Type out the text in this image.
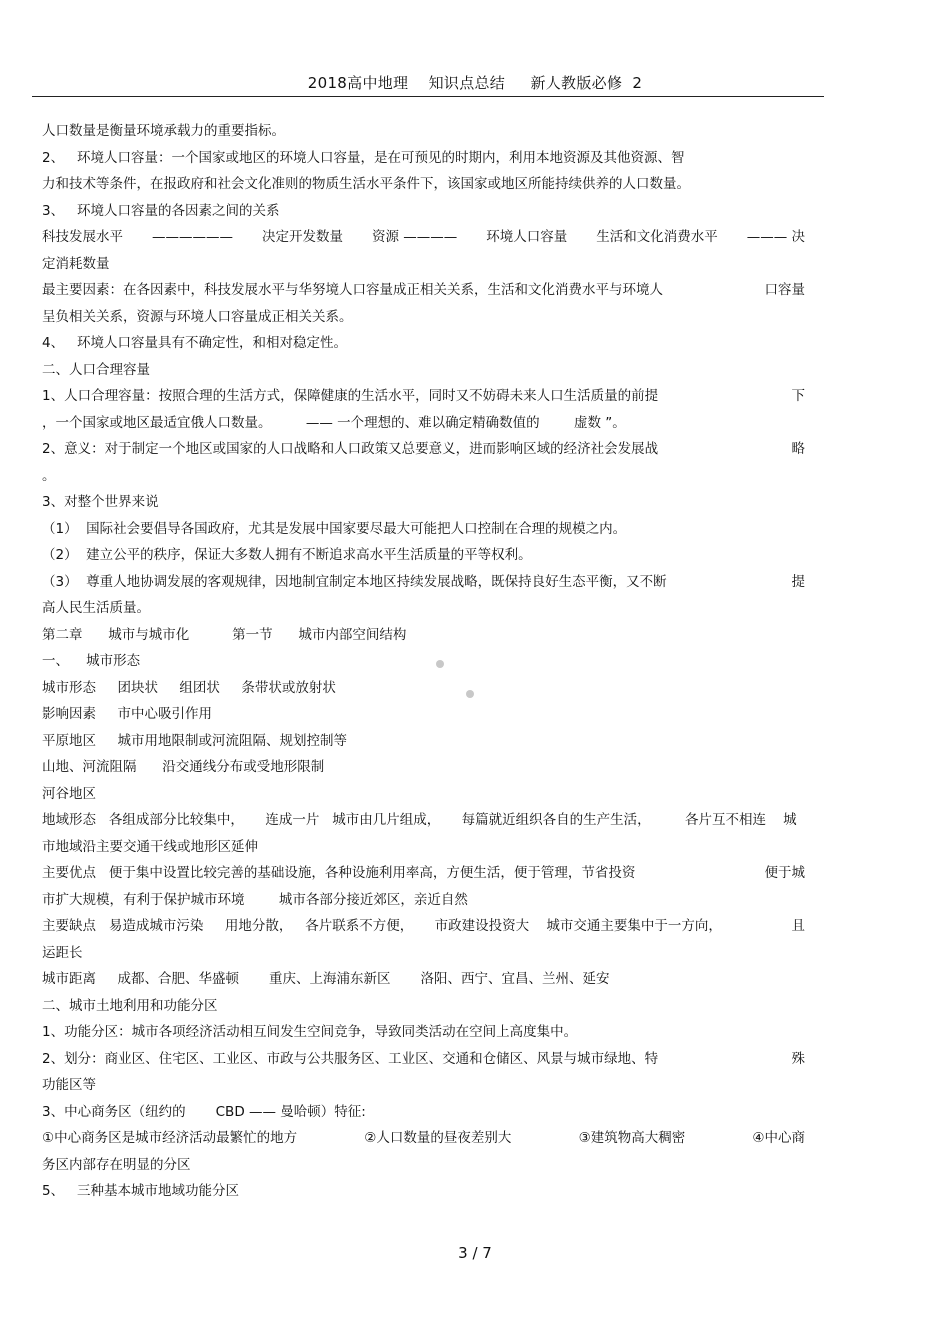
2018高中地理    知识点总结     新人教版必修  2
人口数量是衡量环境承载力的重要指标。
2、   环境人口容量：一个国家或地区的环境人口容量，是在可预见的时期内，利用本地资源及其他资源、智
力和技术等条件，在报政府和社会文化准则的物质生活水平条件下，该国家或地区所能持续供养的人口数量。
3、   环境人口容量的各因素之间的关系
科技发展水平 —————— 决定开发数量 资源 ———— 环境人口容量 生活和文化消费水平 ——— 决
定消耗数量
最主要因素：在各因素中，科技发展水平与华努境人口容量成正相关关系，生活和文化消费水平与环境人	口容量
呈负相关关系，资源与环境人口容量成正相关关系。
4、   环境人口容量具有不确定性，和相对稳定性。
二、人口合理容量
1、人口合理容量：按照合理的生活方式，保障健康的生活水平，同时又不妨碍未来人口生活质量的前提	下
，一个国家或地区最适宜俄人口数量。        —— 一个理想的、难以确定精确数值的        虚数 ”。
2、意义：对于制定一个地区或国家的人口战略和人口政策又总要意义，进而影响区域的经济社会发展战	略
。
3、对整个世界来说
（1）  国际社会要倡导各国政府，尤其是发展中国家要尽最大可能把人口控制在合理的规模之内。
（2）  建立公平的秩序，保证大多数人拥有不断追求高水平生活质量的平等权利。
（3）  尊重人地协调发展的客观规律，因地制宜制定本地区持续发展战略，既保持良好生态平衡，又不断	提
高人民生活质量。
第二章      城市与城市化          第一节      城市内部空间结构
一、    城市形态
城市形态     团块状     组团状     条带状或放射状
影响因素     市中心吸引作用
平原地区     城市用地限制或河流阻隔、规划控制等
山地、河流阻隔      沿交通线分布或受地形限制
河谷地区
地域形态   各组成部分比较集中，     连成一片   城市由几片组成，     每篇就近组织各自的生产生活，        各片互不相连    城
市地域沿主要交通干线或地形区延伸
主要优点   便于集中设置比较完善的基础设施，各种设施利用率高，方便生活，便于管理，节省投资	便于城
市扩大规模，有利于保护城市环境        城市各部分接近郊区，亲近自然
主要缺点   易造成城市污染     用地分散，   各片联系不方便，     市政建设投资大    城市交通主要集中于一方向，	且
运距长
城市距离     成都、合肥、华盛顿       重庆、上海浦东新区       洛阳、西宁、宜昌、兰州、延安
二、城市土地利用和功能分区
1、功能分区：城市各项经济活动相互间发生空间竞争，导致同类活动在空间上高度集中。
2、划分：商业区、住宅区、工业区、市政与公共服务区、工业区、交通和仓储区、风景与城市绿地、特	殊
功能区等
3、中心商务区（纽约的       CBD —— 曼哈顿）特征:
①中心商务区是城市经济活动最繁忙的地方	②人口数量的昼夜差别大	③建筑物高大稠密	④中心商
务区内部存在明显的分区
5、   三种基本城市地域功能分区
3 / 7
